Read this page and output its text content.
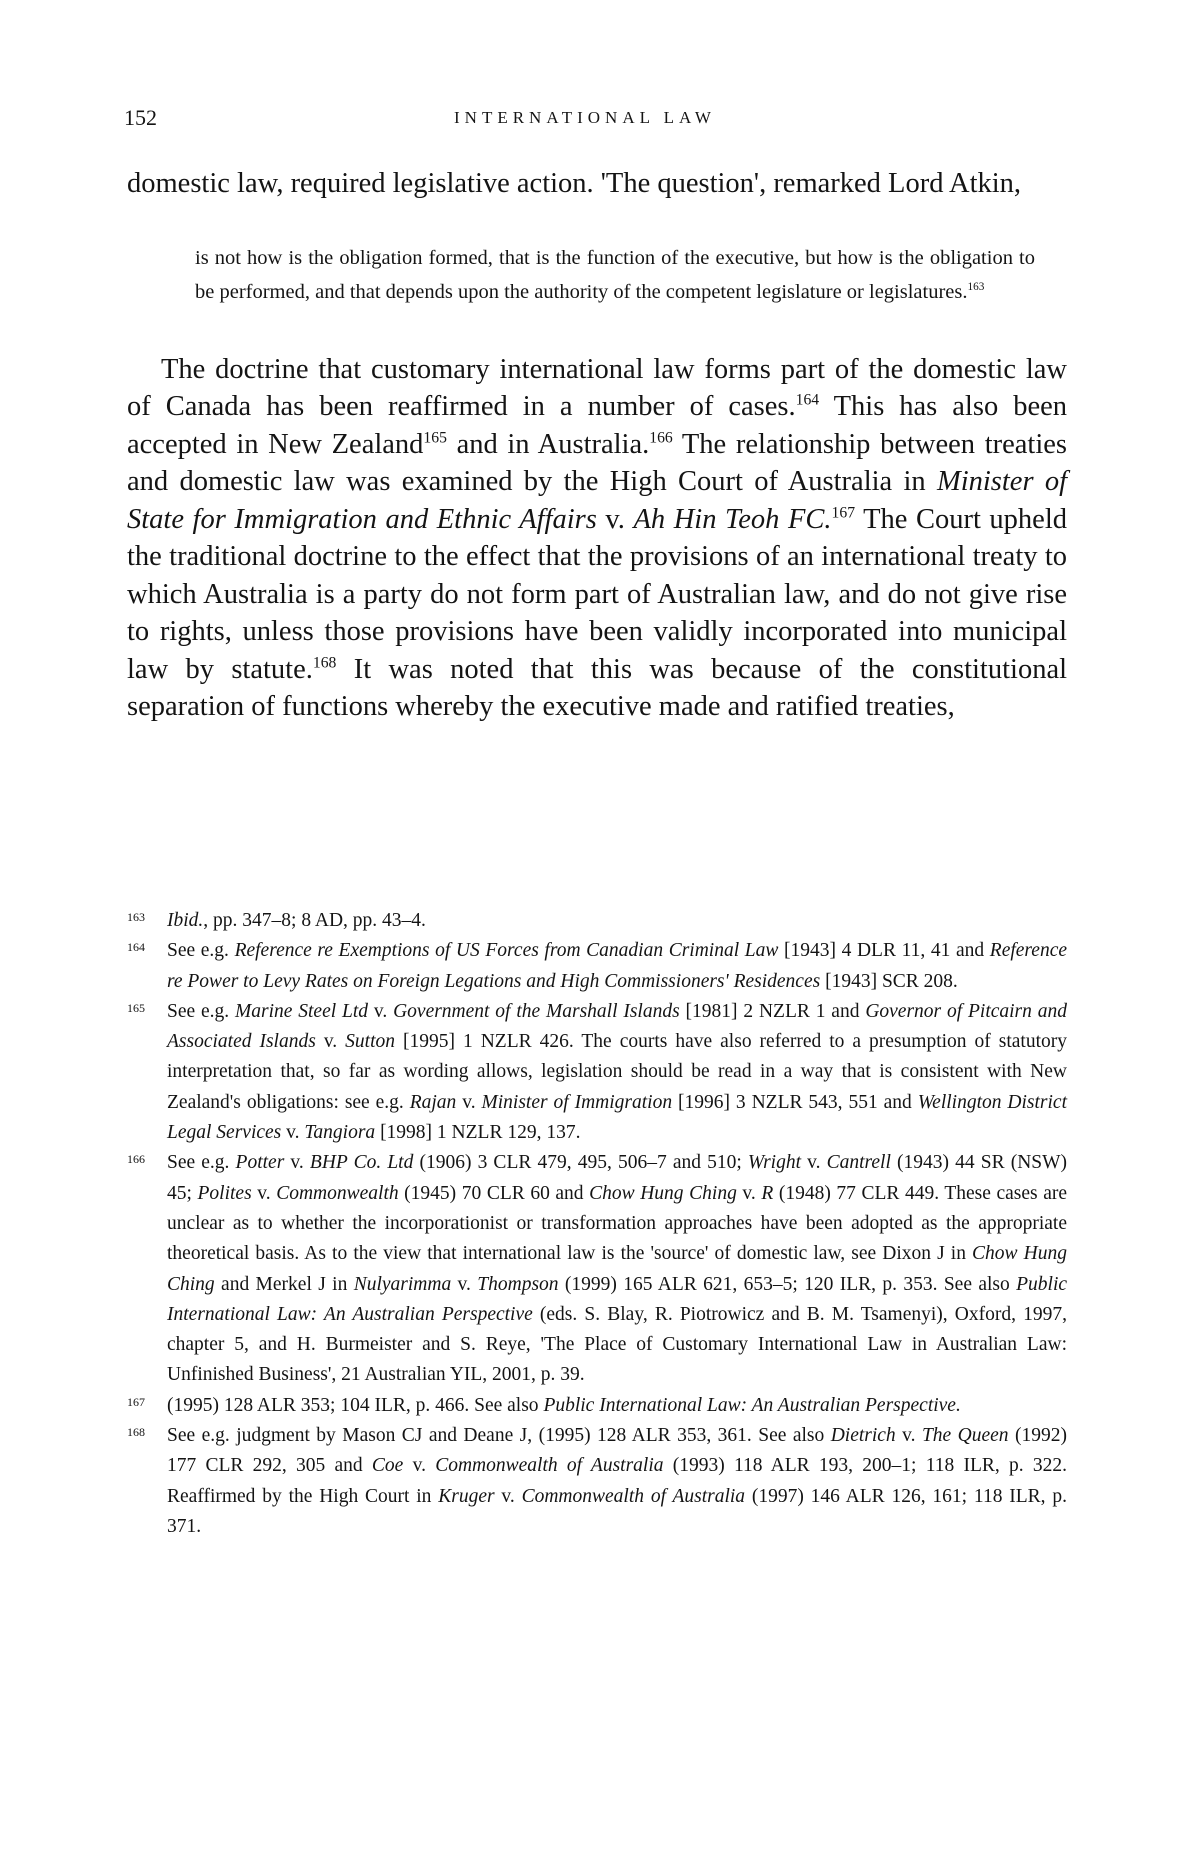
152	INTERNATIONAL LAW

domestic law, required legislative action. 'The question', remarked Lord Atkin,

is not how is the obligation formed, that is the function of the executive, but how is the obligation to be performed, and that depends upon the authority of the competent legislature or legislatures.$^{163}$

The doctrine that customary international law forms part of the domestic law of Canada has been reaffirmed in a number of cases.$^{164}$ This has also been accepted in New Zealand$^{165}$ and in Australia.$^{166}$ The relationship between treaties and domestic law was examined by the High Court of Australia in Minister of State for Immigration and Ethnic Affairs v. Ah Hin Teoh FC.$^{167}$ The Court upheld the traditional doctrine to the effect that the provisions of an international treaty to which Australia is a party do not form part of Australian law, and do not give rise to rights, unless those provisions have been validly incorporated into municipal law by statute.$^{168}$ It was noted that this was because of the constitutional separation of functions whereby the executive made and ratified treaties,

163 Ibid., pp. 347–8; 8 AD, pp. 43–4.

164 See e.g. Reference re Exemptions of US Forces from Canadian Criminal Law [1943] 4 DLR 11, 41 and Reference re Power to Levy Rates on Foreign Legations and High Commissioners' Residences [1943] SCR 208.

165 See e.g. Marine Steel Ltd v. Government of the Marshall Islands [1981] 2 NZLR 1 and Governor of Pitcairn and Associated Islands v. Sutton [1995] 1 NZLR 426. The courts have also referred to a presumption of statutory interpretation that, so far as wording allows, legislation should be read in a way that is consistent with New Zealand's obligations: see e.g. Rajan v. Minister of Immigration [1996] 3 NZLR 543, 551 and Wellington District Legal Services v. Tangiora [1998] 1 NZLR 129, 137.

166 See e.g. Potter v. BHP Co. Ltd (1906) 3 CLR 479, 495, 506–7 and 510; Wright v. Cantrell (1943) 44 SR (NSW) 45; Polites v. Commonwealth (1945) 70 CLR 60 and Chow Hung Ching v. R (1948) 77 CLR 449. These cases are unclear as to whether the incorporationist or transformation approaches have been adopted as the appropriate theoretical basis. As to the view that international law is the 'source' of domestic law, see Dixon J in Chow Hung Ching and Merkel J in Nulyarimma v. Thompson (1999) 165 ALR 621, 653–5; 120 ILR, p. 353. See also Public International Law: An Australian Perspective (eds. S. Blay, R. Piotrowicz and B. M. Tsamenyi), Oxford, 1997, chapter 5, and H. Burmeister and S. Reye, 'The Place of Customary International Law in Australian Law: Unfinished Business', 21 Australian YIL, 2001, p. 39.

167 (1995) 128 ALR 353; 104 ILR, p. 466. See also Public International Law: An Australian Perspective.

168 See e.g. judgment by Mason CJ and Deane J, (1995) 128 ALR 353, 361. See also Dietrich v. The Queen (1992) 177 CLR 292, 305 and Coe v. Commonwealth of Australia (1993) 118 ALR 193, 200–1; 118 ILR, p. 322. Reaffirmed by the High Court in Kruger v. Commonwealth of Australia (1997) 146 ALR 126, 161; 118 ILR, p. 371.
